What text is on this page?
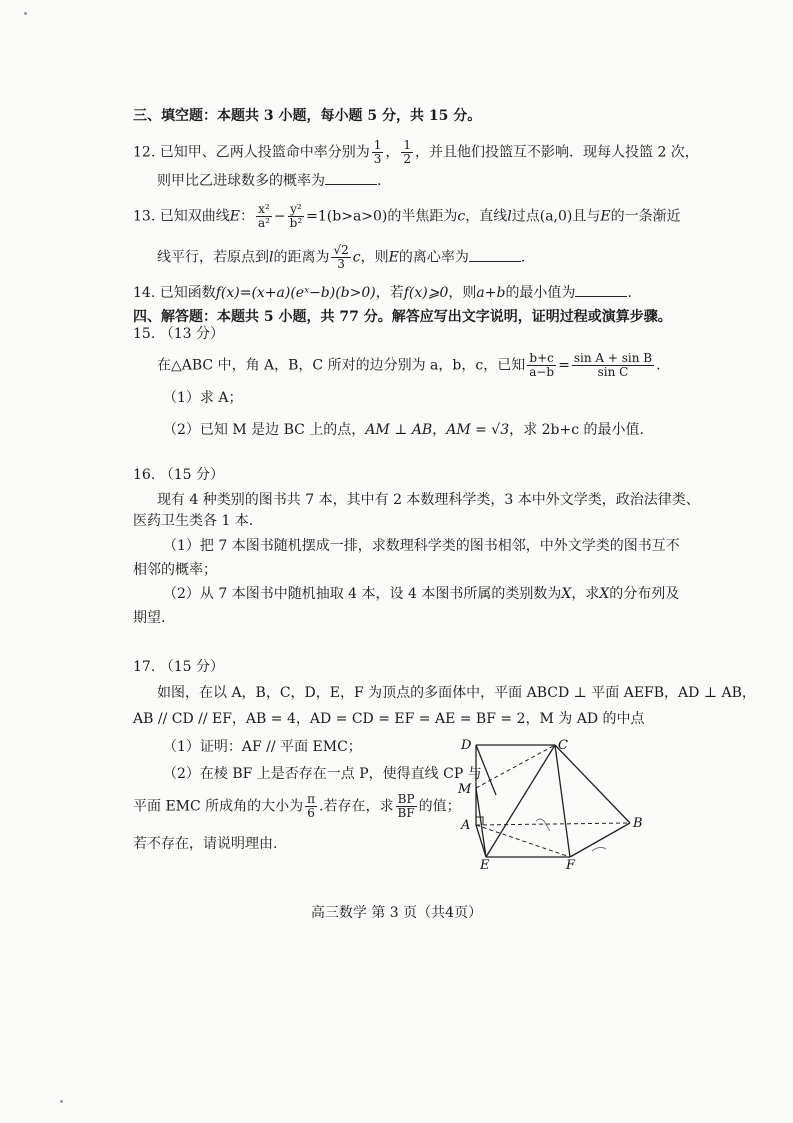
三、填空题：本题共 3 小题，每小题 5 分，共 15 分。
12. 已知甲、乙两人投篮命中率分别为 $\frac{1}{3}$ ， $\frac{1}{2}$ ，并且他们投篮互不影响．现每人投篮 2 次，
则甲比乙进球数多的概率为	.
13. 已知双曲线E： $\frac{\text{x²}}{\text{a²}} - \frac{\text{y²}}{\text{b²}} =1(b>a>0)$的半焦距为c，直线l过点(a,0)且与E的一条渐近
线平行，若原点到l的距离为 $\frac{√2}{3}$ c，则E的离心率为	.
14. 已知函数f(x)=(x+a)(eˣ−b)(b>0)，若f(x)⩾0，则a+b的最小值为	.
四、解答题：本题共 5 小题，共 77 分。解答应写出文字说明，证明过程或演算步骤。
15. （13 分）
在△ABC 中，角 A，B，C 所对的边分别为 a，b，c，已知 $\frac{b+c}{a-b} = \frac{\text{sin A + sin B}}{\text{sin C}}$ .
（1）求 A；
（2）已知 M 是边 BC 上的点，AM ⊥ AB，AM = √3，求 2b+c 的最小值.
16. （15 分）
现有 4 种类别的图书共 7 本，其中有 2 本数理科学类，3 本中外文学类，政治法律类、
医药卫生类各 1 本.
（1）把 7 本图书随机摆成一排，求数理科学类的图书相邻，中外文学类的图书互不
相邻的概率；
（2）从 7 本图书中随机抽取 4 本，设 4 本图书所属的类别数为X，求X的分布列及
期望.
17. （15 分）
如图，在以 A，B，C，D，E，F 为顶点的多面体中，平面 ABCD ⊥ 平面 AEFB，AD ⊥ AB，
AB // CD // EF，AB = 4，AD = CD = EF = AE = BF = 2，M 为 AD 的中点
（1）证明：AF // 平面 EMC；
（2）在棱 BF 上是否存在一点 P，使得直线 CP 与
平面 EMC 所成角的大小为 $\frac{\pi}{6}$ .若存在，求 $\frac{BP}{BF}$ 的值；
若不存在，请说明理由.
D	C
M
A	B
E	F
高三数学 第 3 页（共4页）
